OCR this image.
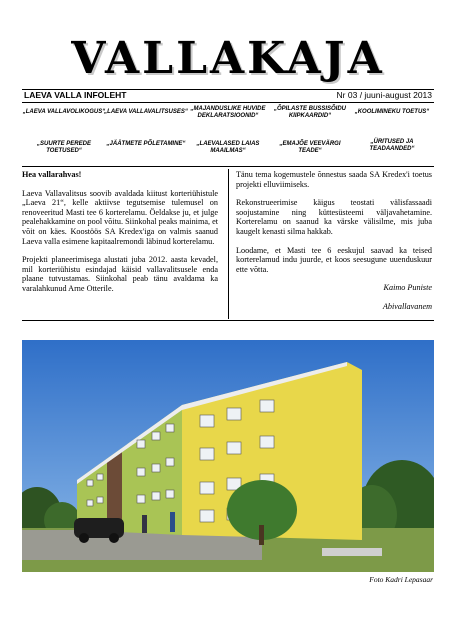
VALLAKAJA
LAEVA VALLA INFOLEHT	Nr 03 / juuni-august 2013
„LAEVA VALLAVOLIKOGUS“
„LAEVA VALLAVALITSUSES“ „MAJANDUSLIKE HUVIDE DEKLARATSIOONID“
„ÕPILASTE BUSSISÕIDU KIIPKAARDID“
„KOOLIMINEKU TOETUS“
„SUURTE PEREDE TOETUSED“
„JÄÄTMETE PÕLETAMINE“	„LAEVALASED LAIAS MAAILMAS“
„EMAJÕE VEEVÄRGI TEADE“
„ÜRITUSED JA TEADAANDED“

Hea vallarahvas!

Laeva Vallavalitsus soovib avaldada kiitust korteriühistule „Laeva 21“, kelle aktiivse tegutsemise tulemusel on renoveeritud Masti tee 6 korterelamu. Öeldakse ju, et julge pealehakkamine on pool võitu. Siinkohal peaks mainima, et võit on käes. Koostöös SA Kredex'iga on valmis saanud Laeva valla esimene kapitaalremondi läbinud korterelamu.

Projekti planeerimisega alustati juba 2012. aasta kevadel, mil korteriühistu esindajad käisid vallavalitsusele enda plaane tutvustamas. Siinkohal peab tänu avaldama ka varalahkunud Arne Otterile.

Tänu tema kogemustele õnnestus saada SA Kredex'i toetus projekti elluviimiseks.

Rekonstrueerimise käigus teostati välisfassaadi soojustamine ning küttesüsteemi väljavahetamine. Korterelamu on saanud ka värske välisilme, mis juba kaugelt kenasti silma hakkab.

Loodame, et Masti tee 6 eeskujul saavad ka teised korterelamud indu juurde, et koos seesugune uuenduskuur ette võtta.

Kaimo Puniste

Abivallavanem

Foto Kadri Lepasaar
